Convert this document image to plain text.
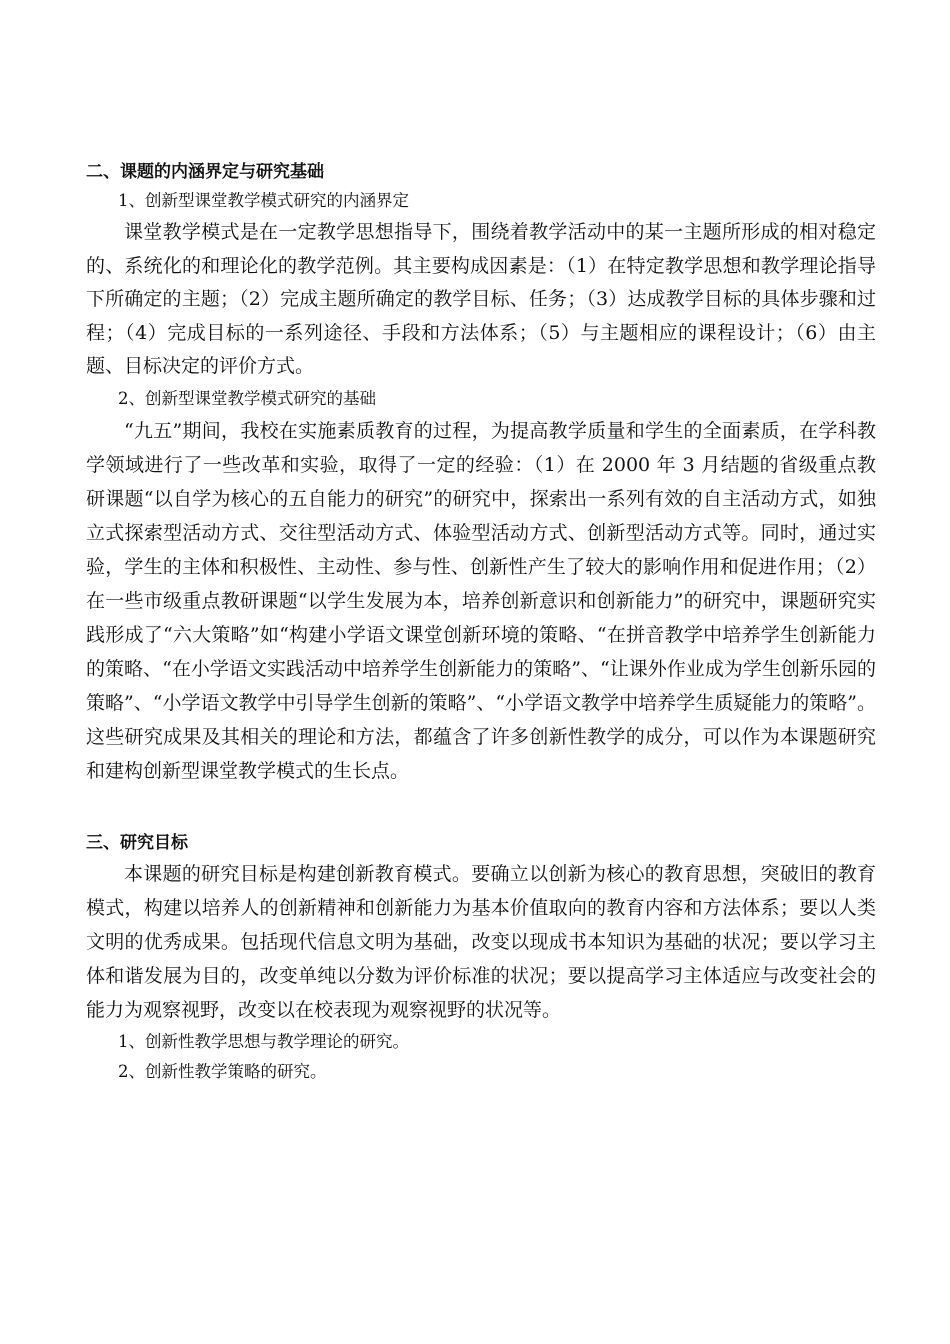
二、课题的内涵界定与研究基础

1、创新型课堂教学模式研究的内涵界定

课堂教学模式是在一定教学思想指导下，围绕着教学活动中的某一主题所形成的相对稳定的、系统化的和理论化的教学范例。其主要构成因素是：（1）在特定教学思想和教学理论指导下所确定的主题；（2）完成主题所确定的教学目标、任务；（3）达成教学目标的具体步骤和过程；（4）完成目标的一系列途径、手段和方法体系；（5）与主题相应的课程设计；（6）由主题、目标决定的评价方式。

2、创新型课堂教学模式研究的基础

“九五”期间，我校在实施素质教育的过程，为提高教学质量和学生的全面素质，在学科教学领域进行了一些改革和实验，取得了一定的经验：（1）在 2000 年 3 月结题的省级重点教研课题“以自学为核心的五自能力的研究”的研究中，探索出一系列有效的自主活动方式，如独立式探索型活动方式、交往型活动方式、体验型活动方式、创新型活动方式等。同时，通过实验，学生的主体和积极性、主动性、参与性、创新性产生了较大的影响作用和促进作用；（2）在一些市级重点教研课题“以学生发展为本，培养创新意识和创新能力”的研究中，课题研究实践形成了“六大策略”如“构建小学语文课堂创新环境的策略、“在拼音教学中培养学生创新能力的策略、“在小学语文实践活动中培养学生创新能力的策略”、“让课外作业成为学生创新乐园的策略”、“小学语文教学中引导学生创新的策略”、“小学语文教学中培养学生质疑能力的策略”。这些研究成果及其相关的理论和方法，都蕴含了许多创新性教学的成分，可以作为本课题研究和建构创新型课堂教学模式的生长点。

三、研究目标

本课题的研究目标是构建创新教育模式。要确立以创新为核心的教育思想，突破旧的教育模式，构建以培养人的创新精神和创新能力为基本价值取向的教育内容和方法体系；要以人类文明的优秀成果。包括现代信息文明为基础，改变以现成书本知识为基础的状况；要以学习主体和谐发展为目的，改变单纯以分数为评价标准的状况；要以提高学习主体适应与改变社会的能力为观察视野，改变以在校表现为观察视野的状况等。

1、创新性教学思想与教学理论的研究。

2、创新性教学策略的研究。
